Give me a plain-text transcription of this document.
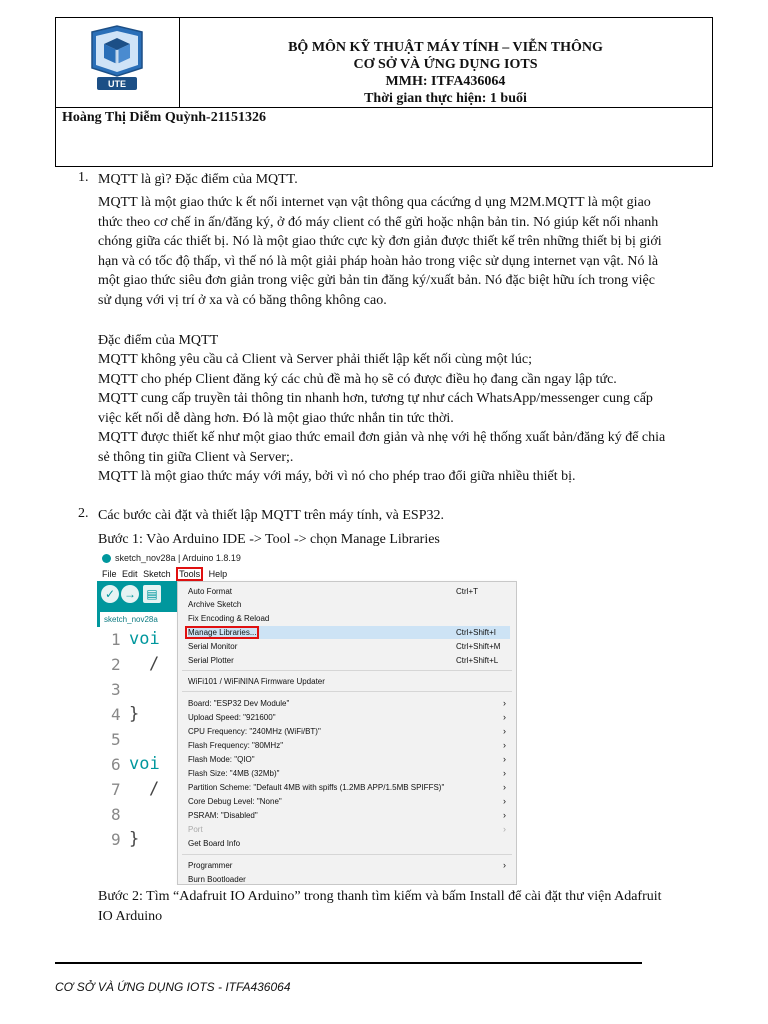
UTE
BỘ MÔN KỸ THUẬT MÁY TÍNH – VIỄN THÔNG
CƠ SỞ VÀ ỨNG DỤNG IOTS
MMH: ITFA436064
Thời gian thực hiện: 1 buổi
Hoàng Thị Diễm Quỳnh-21151326
1. MQTT là gì? Đặc điểm của MQTT.
MQTT là một giao thức k ết nối internet vạn vật thông qua cácứng d ụng M2M.MQTT là một giao
thức theo cơ chế in ấn/đăng ký, ở đó máy client có thể gửi hoặc nhận bản tin. Nó giúp kết nối nhanh
chóng giữa các thiết bị. Nó là một giao thức cực kỳ đơn giản được thiết kế trên những thiết bị bị giới
hạn và có tốc độ thấp, vì thế nó là một giải pháp hoàn hảo trong việc sử dụng internet vạn vật. Nó là
một giao thức siêu đơn giản trong việc gửi bản tin đăng ký/xuất bản. Nó đặc biệt hữu ích trong việc
sử dụng với vị trí ở xa và có băng thông không cao.
Đặc điểm của MQTT
MQTT không yêu cầu cả Client và Server phải thiết lập kết nối cùng một lúc;
MQTT cho phép Client đăng ký các chủ đề mà họ sẽ có được điều họ đang cần ngay lập tức.
MQTT cung cấp truyền tải thông tin nhanh hơn, tương tự như cách WhatsApp/messenger cung cấp
việc kết nối dễ dàng hơn. Đó là một giao thức nhắn tin tức thời.
MQTT được thiết kế như một giao thức email đơn giản và nhẹ với hệ thống xuất bản/đăng ký để chia
sẻ thông tin giữa Client và Server;.
MQTT là một giao thức máy với máy, bởi vì nó cho phép trao đổi giữa nhiều thiết bị.
2. Các bước cài đặt và thiết lập MQTT trên máy tính, và ESP32.
Bước 1: Vào Arduino IDE -> Tool -> chọn Manage Libraries
sketch_nov28a | Arduino 1.8.19
File Edit Sketch Tools Help
✓ → ▤
sketch_nov28a
1
2
3
4
5
6
7
8
9
voi
/
}
voi
/
}
Auto Format	Ctrl+T
Archive Sketch
Fix Encoding & Reload
Manage Libraries...	Ctrl+Shift+I
Serial Monitor	Ctrl+Shift+M
Serial Plotter	Ctrl+Shift+L
WiFi101 / WiFiNINA Firmware Updater
Board: "ESP32 Dev Module"	›
Upload Speed: "921600"	›
CPU Frequency: "240MHz (WiFi/BT)"	›
Flash Frequency: "80MHz"	›
Flash Mode: "QIO"	›
Flash Size: "4MB (32Mb)"	›
Partition Scheme: "Default 4MB with spiffs (1.2MB APP/1.5MB SPIFFS)"	›
Core Debug Level: "None"	›
PSRAM: "Disabled"	›
Port	›
Get Board Info
Programmer	›
Burn Bootloader
Bước 2: Tìm “Adafruit IO Arduino” trong thanh tìm kiếm và bấm Install để cài đặt thư viện Adafruit
IO Arduino
CƠ SỞ VÀ ỨNG DỤNG IOTS - ITFA436064
